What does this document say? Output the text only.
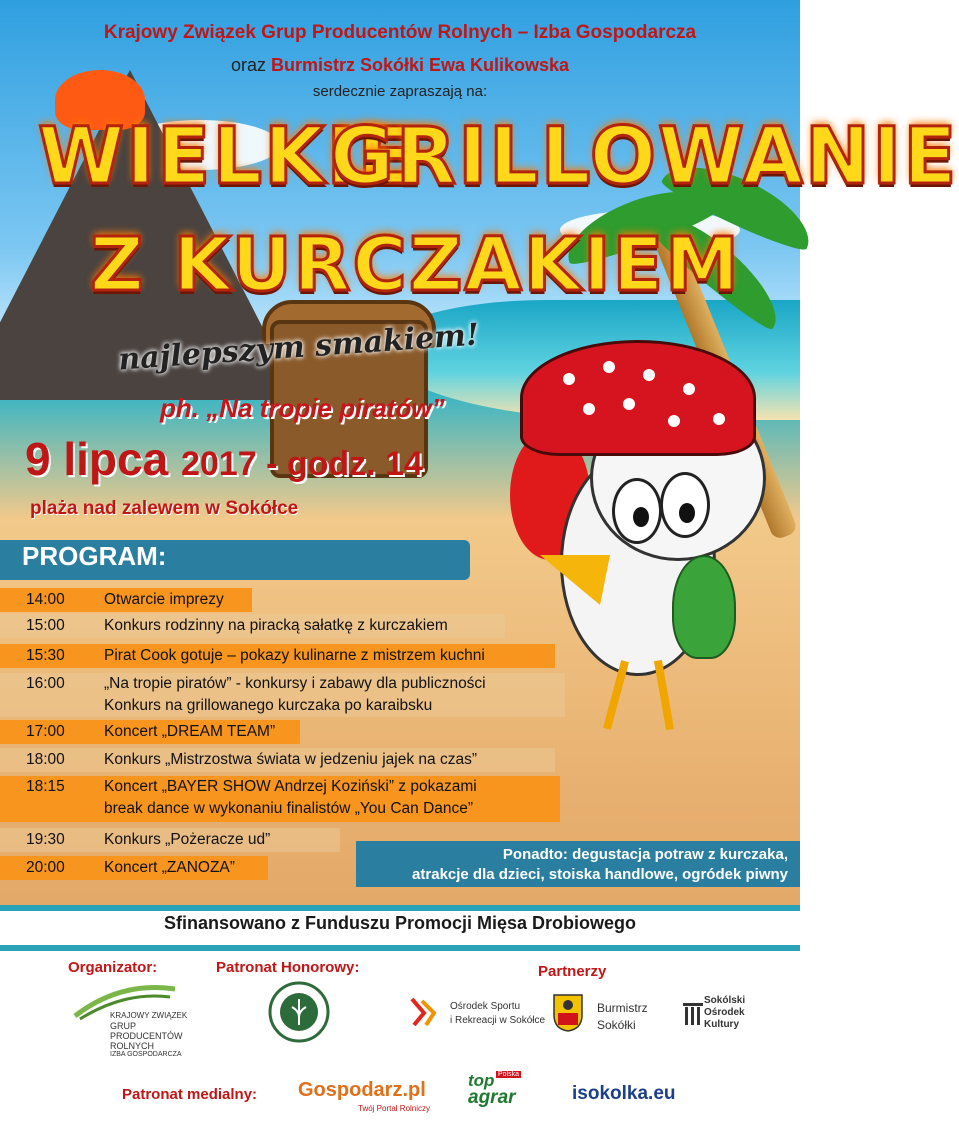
Krajowy Związek Grup Producentów Rolnych – Izba Gospodarcza
oraz Burmistrz Sokółki Ewa Kulikowska
serdecznie zapraszają na:
WIELKIE
GRILLOWANIE
Z KURCZAKIEM
najlepszym smakiem!
ph. „Na tropie piratów”
9 lipca 2017 - godz. 14
plaża nad zalewem w Sokółce
PROGRAM:
14:00	Otwarcie imprezy
15:00	Konkurs rodzinny na piracką sałatkę z kurczakiem
15:30	Pirat Cook gotuje – pokazy kulinarne z mistrzem kuchni
16:00	„Na tropie piratów” - konkursy i zabawy dla publiczności
Konkurs na grillowanego kurczaka po karaibsku
17:00	Koncert „DREAM TEAM”
18:00	Konkurs „Mistrzostwa świata w jedzeniu jajek na czas”
18:15	Koncert „BAYER SHOW Andrzej Koziński” z pokazami
break dance w wykonaniu finalistów „You Can Dance”
19:30	Konkurs „Pożeracze ud”
20:00	Koncert „ZANOZA”
Ponadto: degustacja potraw z kurczaka,
atrakcje dla dzieci, stoiska handlowe, ogródek piwny
Sfinansowano z Funduszu Promocji Mięsa Drobiowego
Organizator:	Patronat Honorowy:	Partnerzy
KRAJOWY ZWIĄZEK
GRUP
PRODUCENTÓW
ROLNYCH
IZBA GOSPODARCZA
Ośrodek Sportu
i Rekreacji w Sokółce
Burmistrz
Sokółki
Sokólski
Ośrodek
Kultury
Patronat medialny: Gospodarz.pl
Twój Portal Rolniczy
top Polska
agrar	isokolka.eu
